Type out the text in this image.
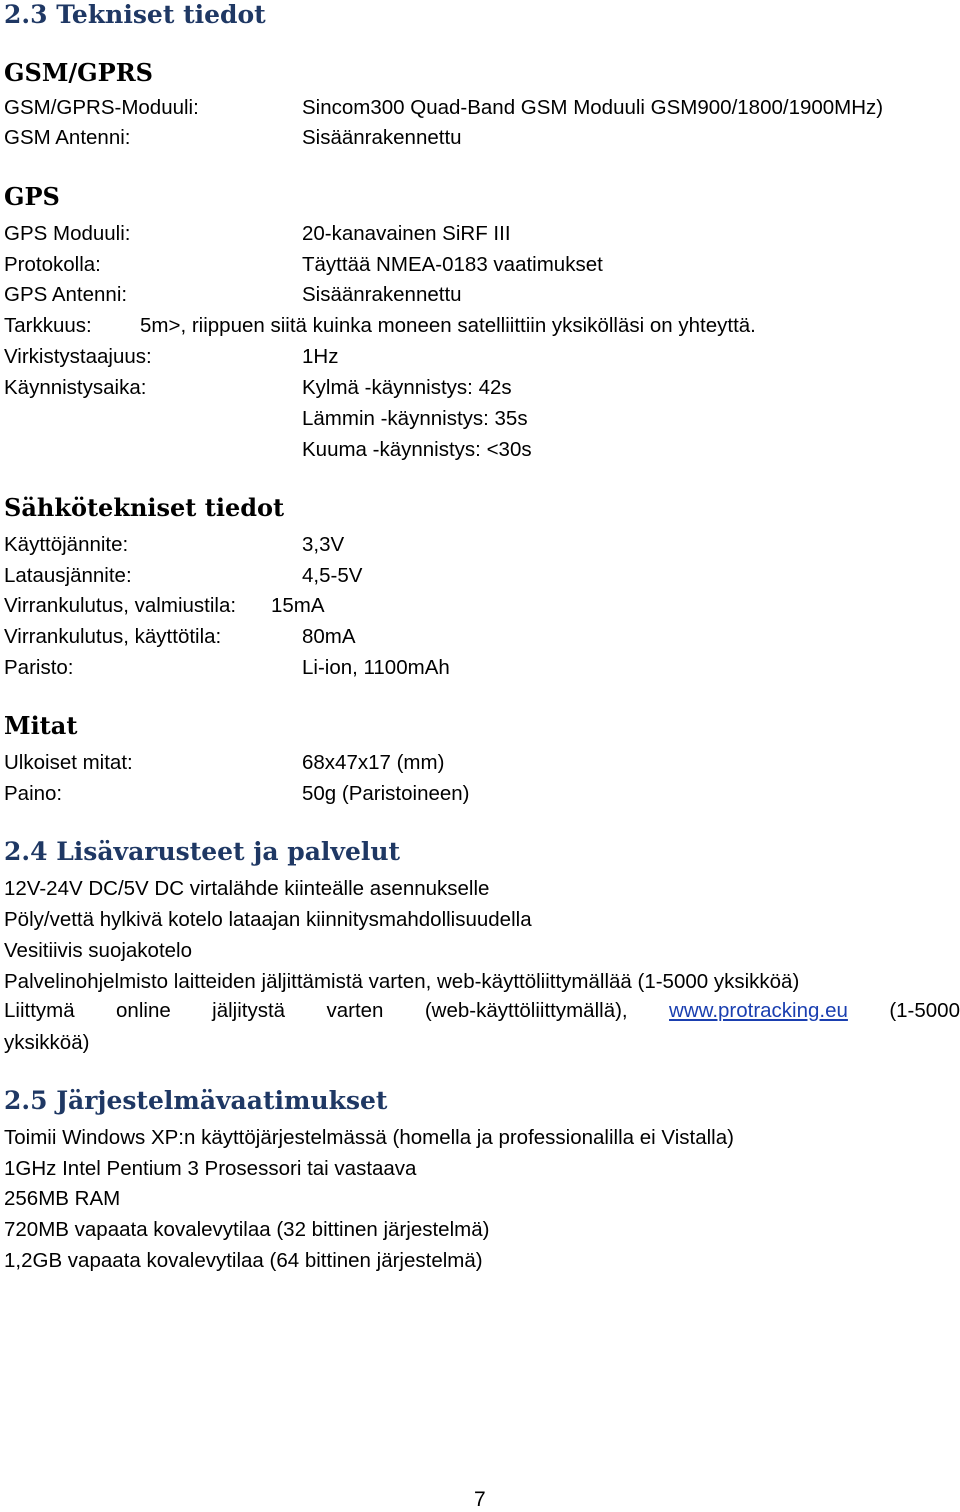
2.3 Tekniset tiedot
GSM/GPRS
GSM/GPRS-Moduuli:	Sincom300 Quad-Band GSM Moduuli GSM900/1800/1900MHz)
GSM Antenni:	Sisäänrakennettu
GPS
GPS Moduuli:	20-kanavainen SiRF III
Protokolla:	Täyttää NMEA-0183 vaatimukset
GPS Antenni:	Sisäänrakennettu
Tarkkuus: 5m>, riippuen siitä kuinka moneen satelliittiin yksikölläsi on yhteyttä.
Virkistystaajuus:	1Hz
Käynnistysaika:	Kylmä -käynnistys: 42s
Lämmin -käynnistys: 35s
Kuuma -käynnistys: <30s
Sähkötekniset tiedot
Käyttöjännite:	3,3V
Latausjännite:	4,5-5V
Virrankulutus, valmiustila: 15mA
Virrankulutus, käyttötila:	80mA
Paristo:	Li-ion, 1100mAh
Mitat
Ulkoiset mitat:	68x47x17 (mm)
Paino:	50g (Paristoineen)
2.4 Lisävarusteet ja palvelut
12V-24V DC/5V DC virtalähde kiinteälle asennukselle
Pöly/vettä hylkivä kotelo lataajan kiinnitysmahdollisuudella
Vesitiivis suojakotelo
Palvelinohjelmisto laitteiden jäljittämistä varten, web-käyttöliittymällää (1-5000 yksikköä)
Liittymä online jäljitystä varten (web-käyttöliittymällä), www.protracking.eu (1-5000
yksikköä)
2.5 Järjestelmävaatimukset
Toimii Windows XP:n käyttöjärjestelmässä (homella ja professionalilla ei Vistalla)
1GHz Intel Pentium 3 Prosessori tai vastaava
256MB RAM
720MB vapaata kovalevytilaa (32 bittinen järjestelmä)
1,2GB vapaata kovalevytilaa (64 bittinen järjestelmä)
7
